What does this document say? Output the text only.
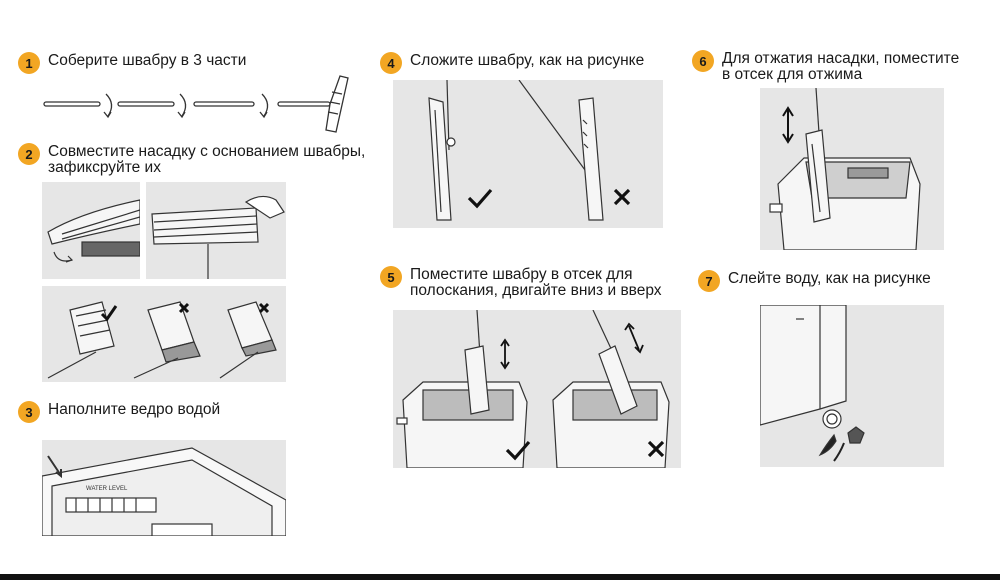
1 Соберите швабру в 3 части
2 Совместите насадку с основанием швабры,
зафиксруйте их
3 Наполните ведро водой
WATER LEVEL
4 Сложите швабру, как на рисунке
5 Поместите швабру в отсек для
полоскания, двигайте вниз и вверх
6 Для отжатия насадки, поместите
в отсек для отжима
7 Слейте воду, как на рисунке
